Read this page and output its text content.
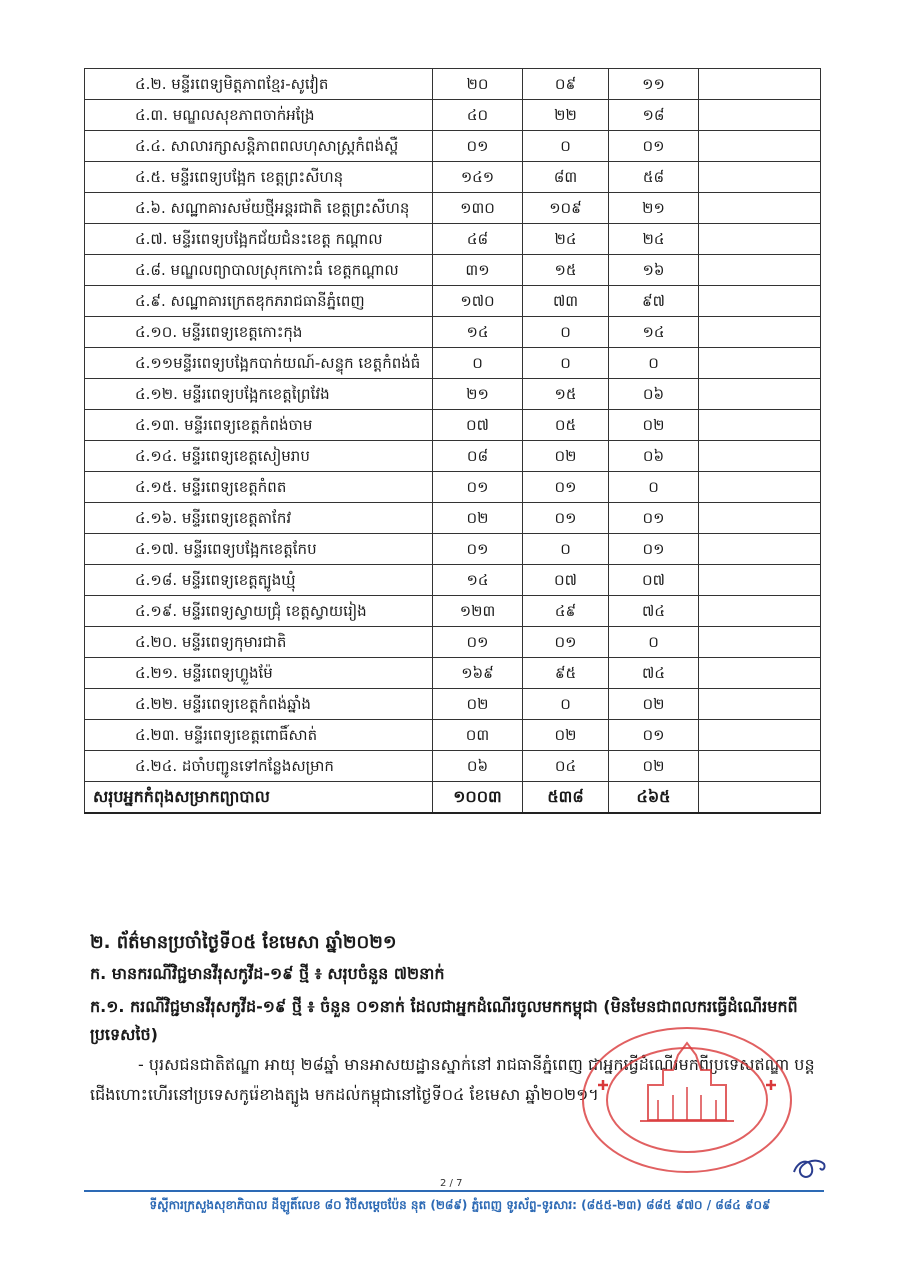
៤.២. មន្ទីរពេទ្យមិត្តភាពខ្មែរ-សូវៀត	២០	០៩	១១	
៤.៣. មណ្ឌលសុខភាពចាក់អង្រែ	៤០	២២	១៨	
៤.៤. សាលារក្សាសន្តិភាពពលហុសាស្ត្រកំពង់ស្ពឺ	០១	០	០១	
៤.៥. មន្ទីរពេទ្យបង្អែក ខេត្តព្រះសីហនុ	១៤១	៨៣	៥៨	
៤.៦. សណ្ឋាគារសម័យថ្មីអន្តរជាតិ ខេត្តព្រះសីហនុ	១៣០	១០៩	២១	
៤.៧. មន្ទីរពេទ្យបង្អែកជ័យជំនះខេត្ត កណ្ដាល	៤៨	២៤	២៤	
៤.៨. មណ្ឌលព្យាបាលស្រុកកោះធំ ខេត្តកណ្តាល	៣១	១៥	១៦	
៤.៩. សណ្ឋាគារក្រេតឌុកភរាជធានីភ្នំពេញ	១៧០	៧៣	៩៧	
៤.១០. មន្ទីរពេទ្យខេត្តកោះកុង	១៤	០	១៤	
៤.១១មន្ទីរពេទ្យបង្អែកបាក់យណ៍-សន្ទុក ខេត្តកំពង់ធំ	០	០	០	
៤.១២. មន្ទីរពេទ្យបង្អែកខេត្តព្រៃវែង	២១	១៥	០៦	
៤.១៣. មន្ទីរពេទ្យខេត្តកំពង់ចាម	០៧	០៥	០២	
៤.១៤. មន្ទីរពេទ្យខេត្តសៀមរាប	០៨	០២	០៦	
៤.១៥. មន្ទីរពេទ្យខេត្តកំពត	០១	០១	០	
៤.១៦. មន្ទីរពេទ្យខេត្តតាកែវ	០២	០១	០១	
៤.១៧. មន្ទីរពេទ្យបង្អែកខេត្តកែប	០១	០	០១	
៤.១៨. មន្ទីរពេទ្យខេត្តត្បូងឃ្មុំ	១៤	០៧	០៧	
៤.១៩. មន្ទីរពេទ្យស្វាយជ្រុំ ខេត្តស្វាយរៀង	១២៣	៤៩	៧៤	
៤.២០. មន្ទីរពេទ្យកុមារជាតិ	០១	០១	០	
៤.២១. មន្ទីរពេទ្យហ្លួងម៉ែ	១៦៩	៩៥	៧៤	
៤.២២. មន្ទីរពេទ្យខេត្តកំពង់ឆ្នាំង	០២	០	០២	
៤.២៣. មន្ទីរពេទ្យខេត្តពោធិ៍សាត់	០៣	០២	០១	
៤.២៤. ដចាំបញ្ជូនទៅកន្លែងសម្រាក	០៦	០៤	០២	
សរុបអ្នកកំពុងសម្រាកព្យាបាល	១០០៣	៥៣៨	៤៦៥	
២. ព័ត៌មានប្រចាំថ្ងៃទី០៥ ខែមេសា ឆ្នាំ២០២១
ក. មានករណីវិជ្ជមានវីរុសកូវីដ-១៩ ថ្មី ៖ សរុបចំនួន ៧២នាក់
ក.១. ករណីវិជ្ជមានវីរុសកូវីដ-១៩ ថ្មី ៖ ចំនួន ០១នាក់ ដែលជាអ្នកដំណើរចូលមកកម្ពុជា (មិនមែនជាពលករធ្វើដំណើរមកពីប្រទេសថៃ)
- បុរសជនជាតិឥណ្ឌា អាយុ ២៨ឆ្នាំ មានអាសយដ្ឋានស្នាក់នៅ រាជធានីភ្នំពេញ ជាអ្នកធ្វើដំណើរមកពីប្រទេសឥណ្ឌា បន្តជើងហោះហើរនៅប្រទេសកូរ៉េខាងត្បូង មកដល់កម្ពុជានៅថ្ងៃទី០៤ ខែមេសា ឆ្នាំ២០២១។
2 / 7
ទីស្តីការក្រសួងសុខាភិបាល ដីឡូតិ៍លេខ ៨០ វិថីសម្ដេចប៉ែន នុត (២៨៩) ភ្នំពេញ ទូរស័ព្ទ-ទូរសារ: (៨៥៥-២៣) ៨៨៥ ៩៧០ / ៨៨៤ ៩០៩
